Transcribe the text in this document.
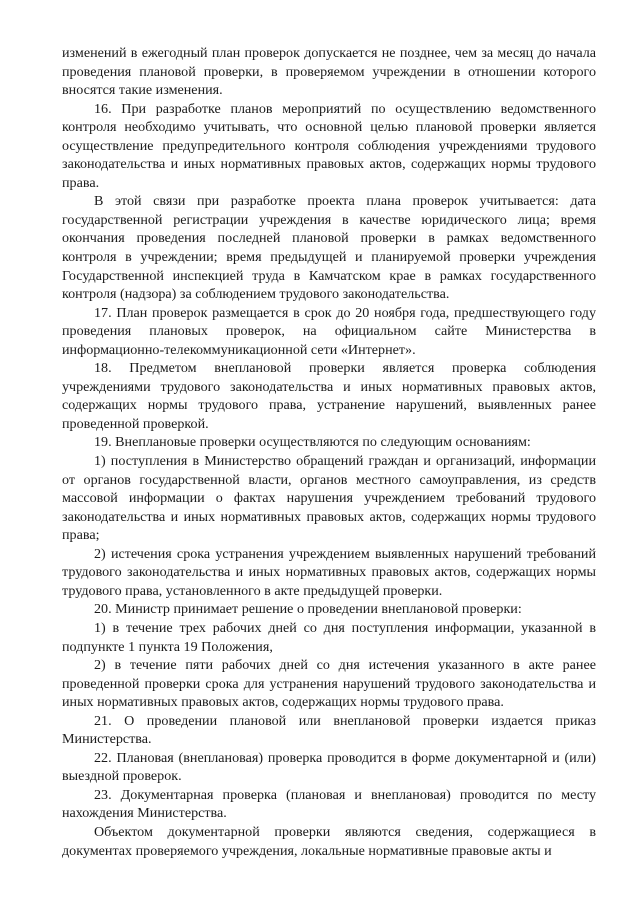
изменений в ежегодный план проверок допускается не позднее, чем за месяц до начала проведения плановой проверки, в проверяемом учреждении в отношении которого вносятся такие изменения.

16. При разработке планов мероприятий по осуществлению ведомственного контроля необходимо учитывать, что основной целью плановой проверки является осуществление предупредительного контроля соблюдения учреждениями трудового законодательства и иных нормативных правовых актов, содержащих нормы трудового права.

В этой связи при разработке проекта плана проверок учитывается: дата государственной регистрации учреждения в качестве юридического лица; время окончания проведения последней плановой проверки в рамках ведомственного контроля в учреждении; время предыдущей и планируемой проверки учреждения Государственной инспекцией труда в Камчатском крае в рамках государственного контроля (надзора) за соблюдением трудового законодательства.

17. План проверок размещается в срок до 20 ноября года, предшествующего году проведения плановых проверок, на официальном сайте Министерства в информационно-телекоммуникационной сети «Интернет».

18. Предметом внеплановой проверки является проверка соблюдения учреждениями трудового законодательства и иных нормативных правовых актов, содержащих нормы трудового права, устранение нарушений, выявленных ранее проведенной проверкой.

19. Внеплановые проверки осуществляются по следующим основаниям:

1) поступления в Министерство обращений граждан и организаций, информации от органов государственной власти, органов местного самоуправления, из средств массовой информации о фактах нарушения учреждением требований трудового законодательства и иных нормативных правовых актов, содержащих нормы трудового права;

2) истечения срока устранения учреждением выявленных нарушений требований трудового законодательства и иных нормативных правовых актов, содержащих нормы трудового права, установленного в акте предыдущей проверки.

20. Министр принимает решение о проведении внеплановой проверки:

1) в течение трех рабочих дней со дня поступления информации, указанной в подпункте 1 пункта 19 Положения,

2) в течение пяти рабочих дней со дня истечения указанного в акте ранее проведенной проверки срока для устранения нарушений трудового законодательства и иных нормативных правовых актов, содержащих нормы трудового права.

21. О проведении плановой или внеплановой проверки издается приказ Министерства.

22. Плановая (внеплановая) проверка проводится в форме документарной и (или) выездной проверок.

23. Документарная проверка (плановая и внеплановая) проводится по месту нахождения Министерства.

Объектом документарной проверки являются сведения, содержащиеся в документах проверяемого учреждения, локальные нормативные правовые акты и
